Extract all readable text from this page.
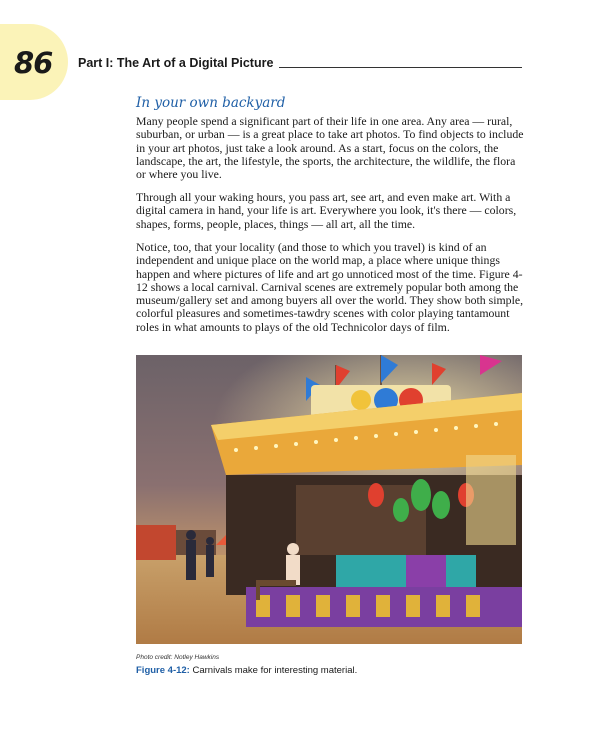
86 Part I: The Art of a Digital Picture
In your own backyard

Many people spend a significant part of their life in one area. Any area — rural, suburban, or urban — is a great place to take art photos. To find objects to include in your art photos, just take a look around. As a start, focus on the colors, the landscape, the art, the lifestyle, the sports, the architecture, the wildlife, the flora or where you live.

Through all your waking hours, you pass art, see art, and even make art. With a digital camera in hand, your life is art. Everywhere you look, it's there — colors, shapes, forms, people, places, things — all art, all the time.

Notice, too, that your locality (and those to which you travel) is kind of an independent and unique place on the world map, a place where unique things happen and where pictures of life and art go unnoticed most of the time. Figure 4-12 shows a local carnival. Carnival scenes are extremely popular both among the museum/gallery set and among buyers all over the world. They show both simple, colorful pleasures and sometimes-tawdry scenes with color playing tantamount roles in what amounts to plays of the old Technicolor days of film.

Photo credit: Notley Hawkins
Figure 4-12: Carnivals make for interesting material.
